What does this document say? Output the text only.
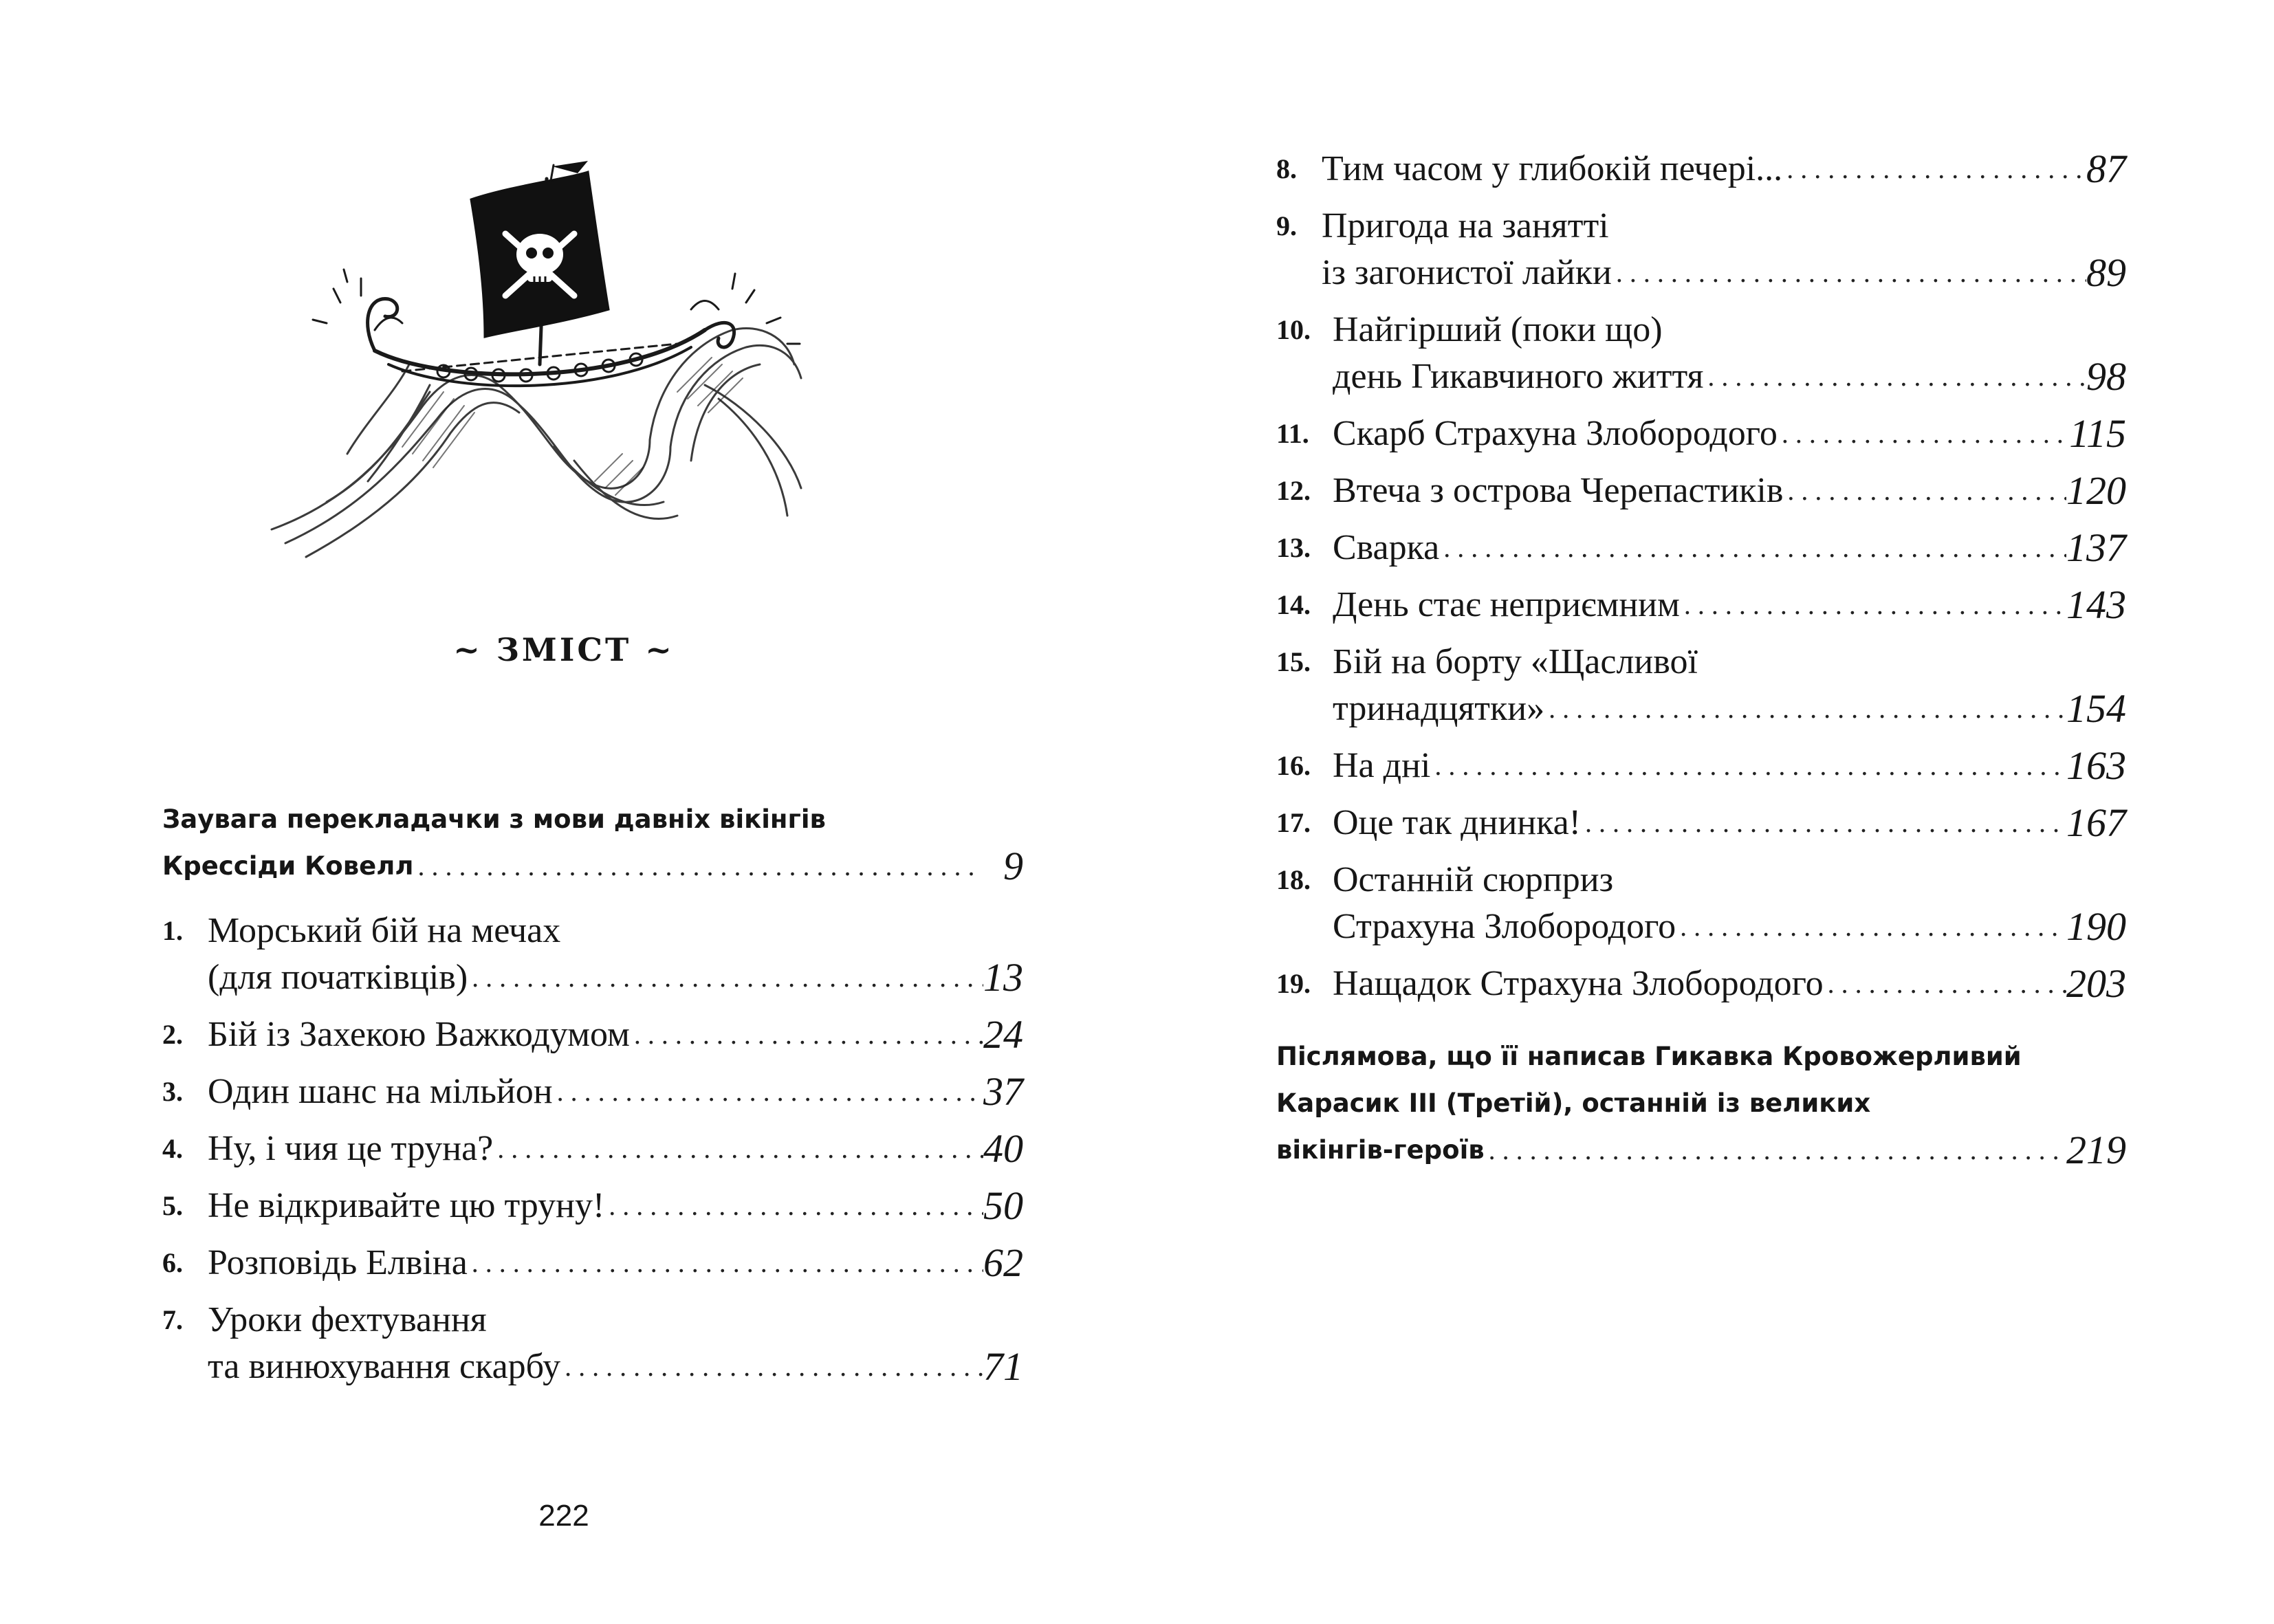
~ ЗМІСТ ~
Заувага перекладачки з мови давніх вікінгів
Крессіди Ковелл .....	9
1. Морський бій на мечах
(для початківців) .....	13
2. Бій із Захекою Важкодумом .....	24
3. Один шанс на мільйон .....	37
4. Ну, і чия це труна? .....	40
5. Не відкривайте цю труну! .....	50
6. Розповідь Елвіна .....	62
7. Уроки фехтування
та винюхування скарбу .....	71
8. Тим часом у глибокій печері... .....	87
9. Пригода на занятті
із загонистої лайки .....	89
10. Найгірший (поки що)
день Гикавчиного життя .....	98
11. Скарб Страхуна Злобородого .....	115
12. Втеча з острова Черепастиків .....	120
13. Сварка .....	137
14. День стає неприємним .....	143
15. Бій на борту «Щасливої
тринадцятки» .....	154
16. На дні .....	163
17. Оце так днинка! .....	167
18. Останній сюрприз
Страхуна Злобородого .....	190
19. Нащадок Страхуна Злобородого .....	203
Післямова, що її написав Гикавка Кровожерливий
Карасик ІІІ (Третій), останній із великих
вікінгів-героїв .....	219
222
